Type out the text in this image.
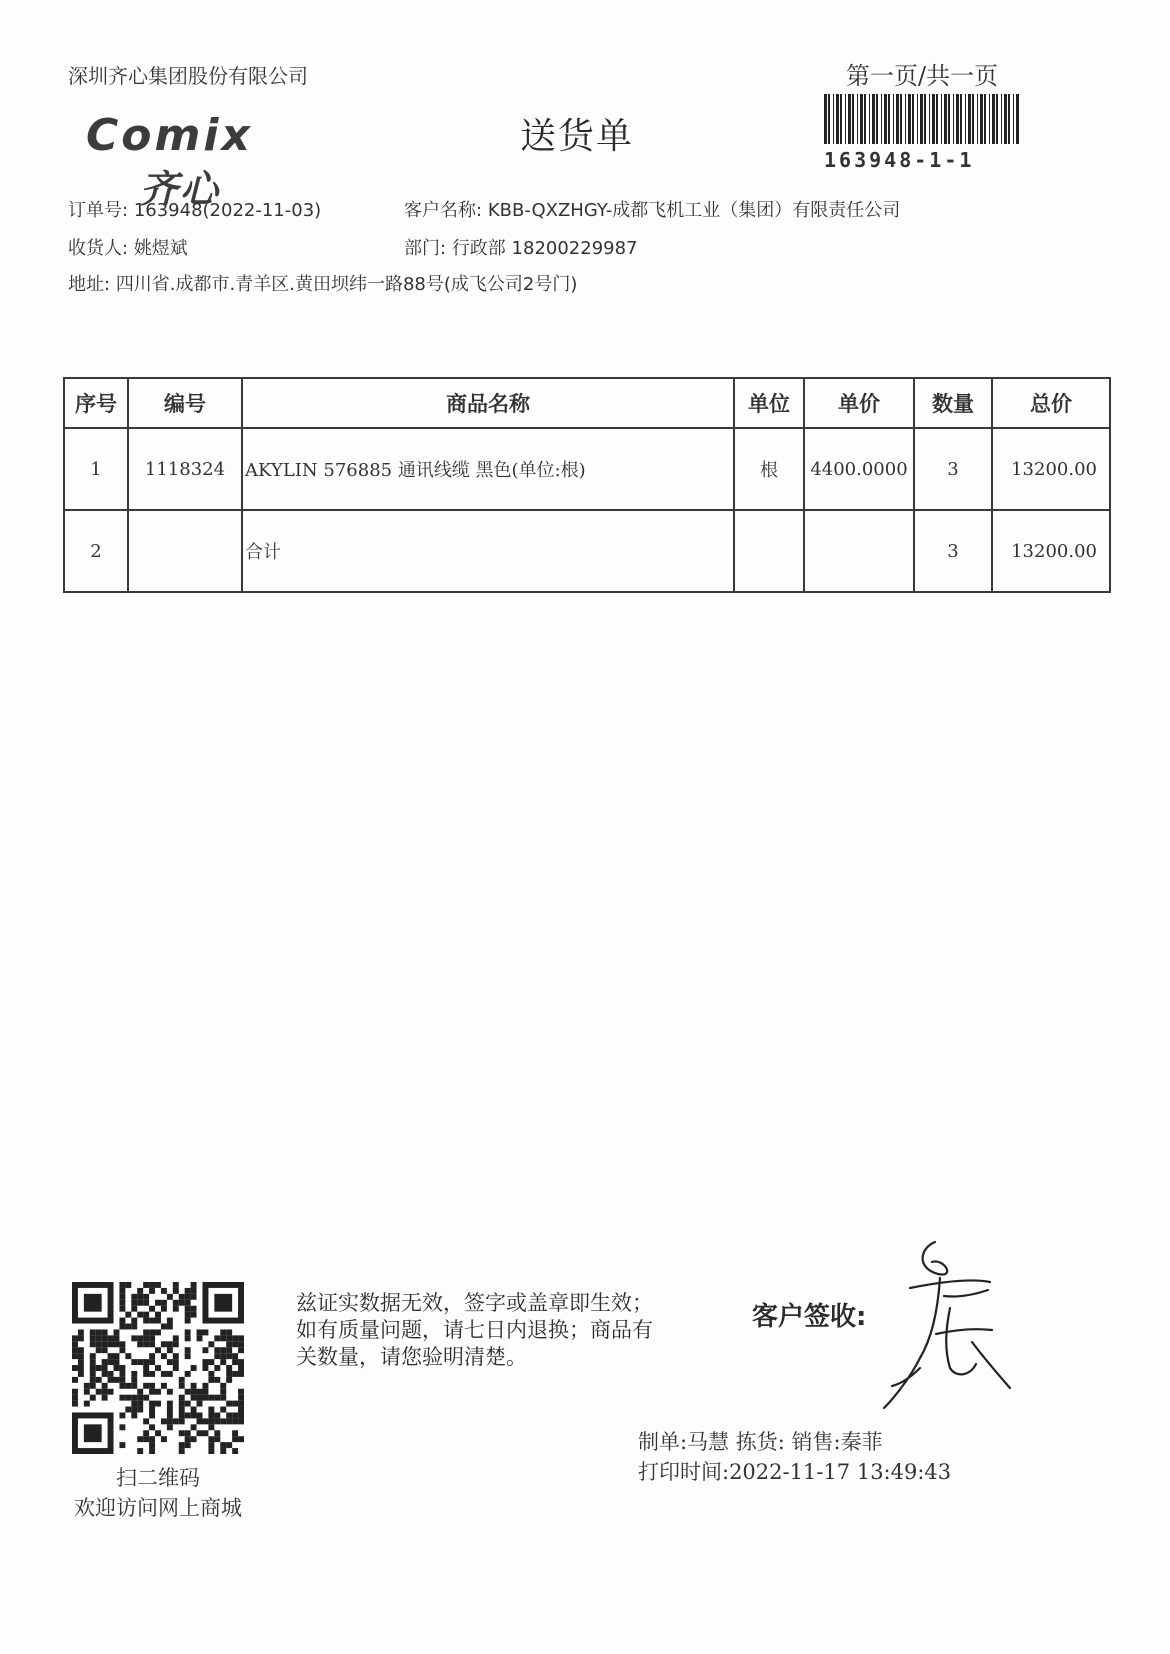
深圳齐心集团股份有限公司	第一页/共一页
Comix
齐心
送货单
163948-1-1
订单号: 163948(2022-11-03)	客户名称: KBB-QXZHGY-成都飞机工业（集团）有限责任公司
收货人: 姚煜斌	部门: 行政部 18200229987
地址: 四川省.成都市.青羊区.黄田坝纬一路88号(成飞公司2号门)
序号	编号	商品名称	单位	单价	数量	总价
1	1118324	AKYLIN 576885 通讯线缆 黑色(单位:根)	根	4400.0000	3	13200.00
2		合计			3	13200.00
扫二维码
欢迎访问网上商城
兹证实数据无效，签字或盖章即生效；如有质量问题，请七日内退换；商品有关数量，请您验明清楚。
客户签收:
制单:马慧 拣货: 销售:秦菲
打印时间:2022-11-17 13:49:43
